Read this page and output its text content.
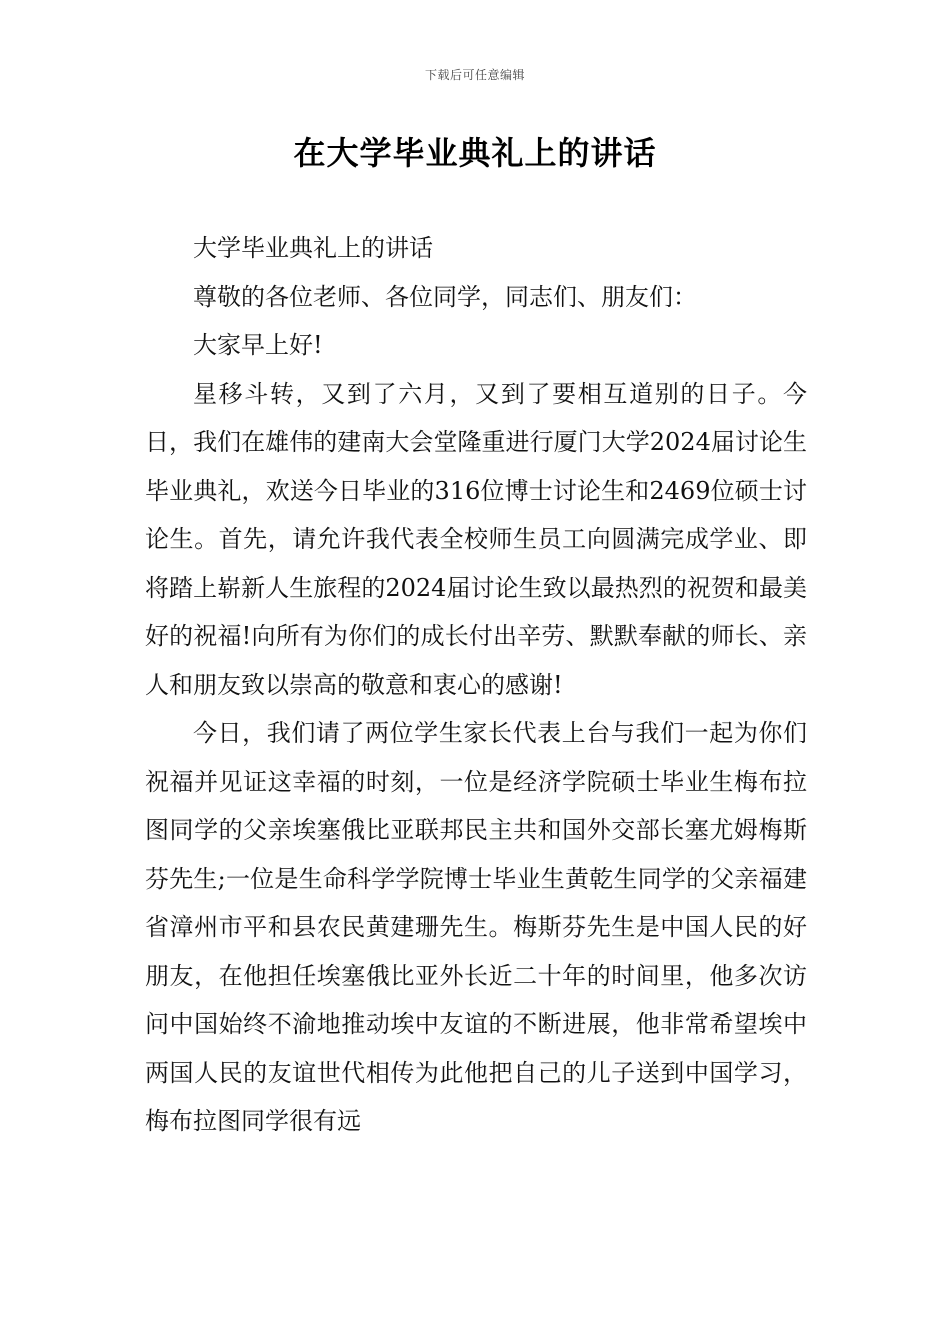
下载后可任意编辑
在大学毕业典礼上的讲话

大学毕业典礼上的讲话

尊敬的各位老师、各位同学，同志们、朋友们：

大家早上好!

星移斗转，又到了六月，又到了要相互道别的日子。今日，我们在雄伟的建南大会堂隆重进行厦门大学2024届讨论生毕业典礼，欢送今日毕业的316位博士讨论生和2469位硕士讨论生。首先，请允许我代表全校师生员工向圆满完成学业、即将踏上崭新人生旅程的2024届讨论生致以最热烈的祝贺和最美好的祝福!向所有为你们的成长付出辛劳、默默奉献的师长、亲人和朋友致以崇高的敬意和衷心的感谢!

今日，我们请了两位学生家长代表上台与我们一起为你们祝福并见证这幸福的时刻，一位是经济学院硕士毕业生梅布拉图同学的父亲埃塞俄比亚联邦民主共和国外交部长塞尤姆梅斯芬先生;一位是生命科学学院博士毕业生黄乾生同学的父亲福建省漳州市平和县农民黄建珊先生。梅斯芬先生是中国人民的好朋友，在他担任埃塞俄比亚外长近二十年的时间里，他多次访问中国始终不渝地推动埃中友谊的不断进展，他非常希望埃中两国人民的友谊世代相传为此他把自己的儿子送到中国学习，梅布拉图同学很有远
